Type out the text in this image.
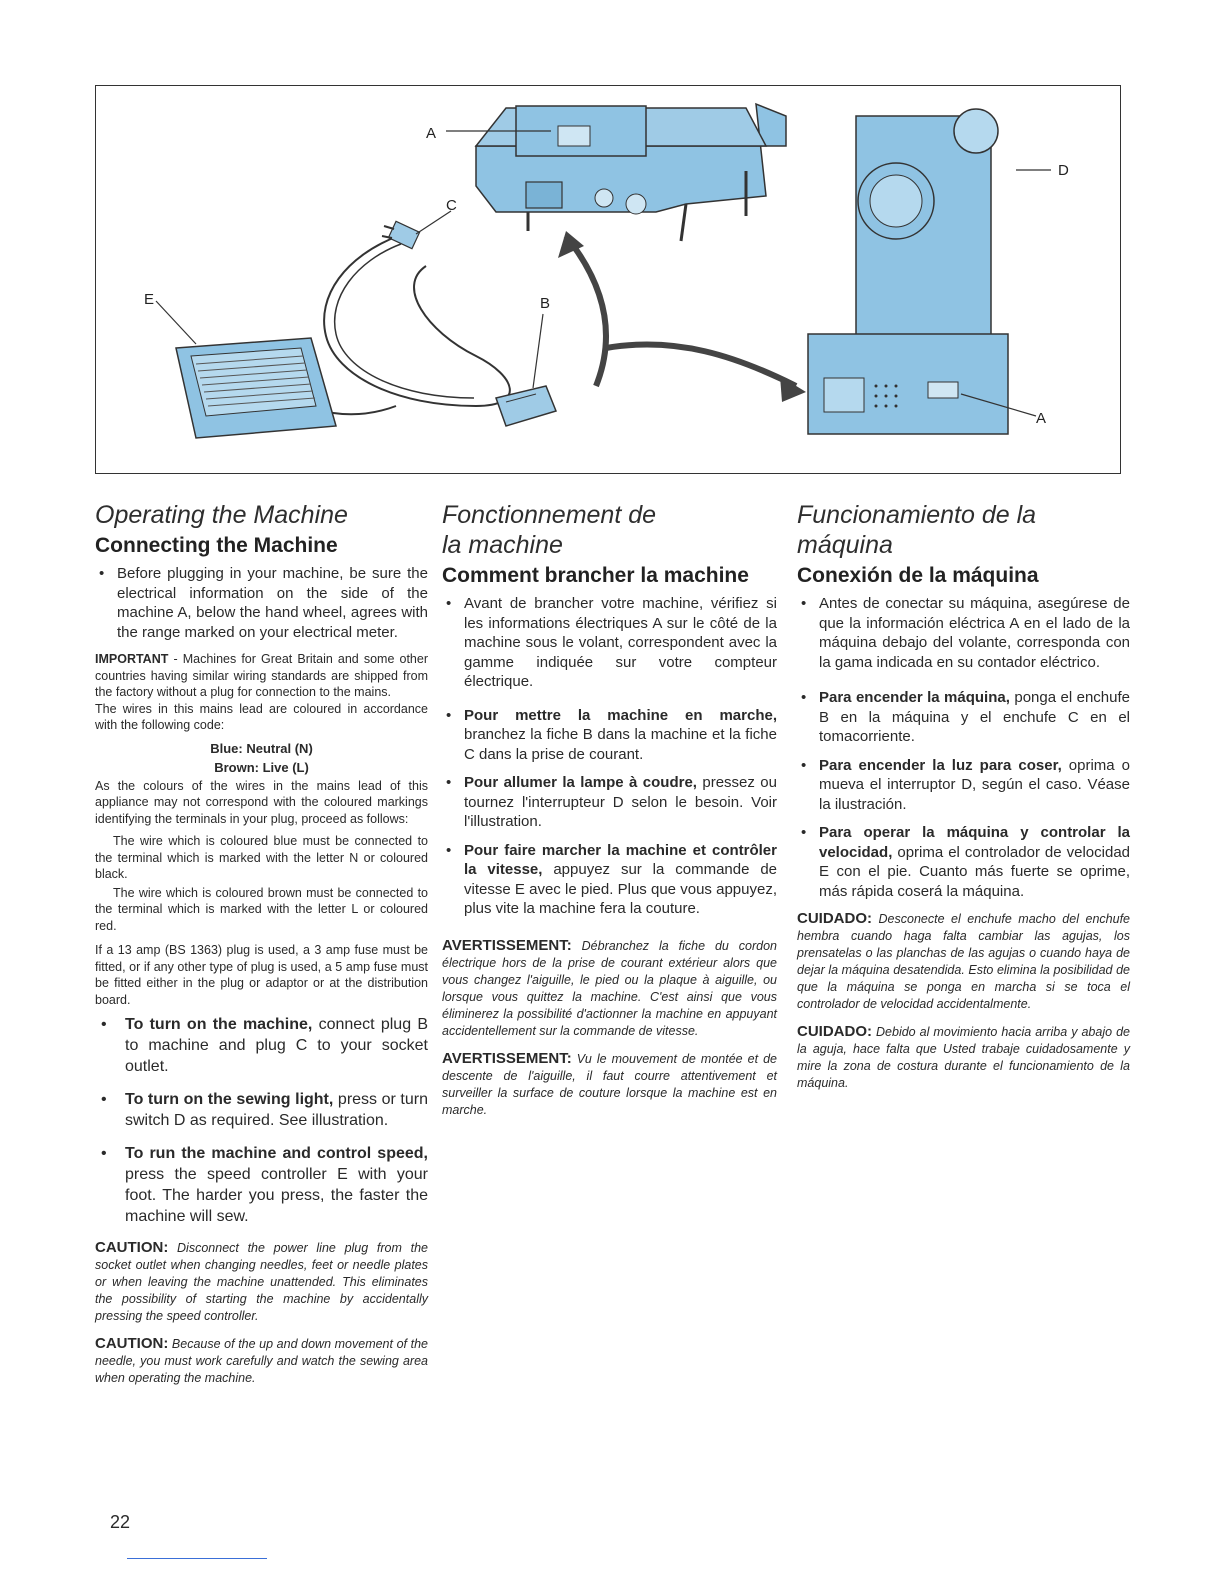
A
C
B
E
D
A
Operating the Machine
Connecting the Machine
• Before plugging in your machine, be sure the electrical information on the side of the machine A, below the hand wheel, agrees with the range marked on your electrical meter.

IMPORTANT - Machines for Great Britain and some other countries having similar wiring standards are shipped from the factory without a plug for connection to the mains.
The wires in this mains lead are coloured in accordance with the following code:

Blue: Neutral (N)

Brown: Live (L)

As the colours of the wires in the mains lead of this appliance may not correspond with the coloured markings identifying the terminals in your plug, proceed as follows:

The wire which is coloured blue must be connected to the terminal which is marked with the letter N or coloured black.

The wire which is coloured brown must be connected to the terminal which is marked with the letter L or coloured red.

If a 13 amp (BS 1363) plug is used, a 3 amp fuse must be fitted, or if any other type of plug is used, a 5 amp fuse must be fitted either in the plug or adaptor or at the distribution board.

• To turn on the machine, connect plug B to machine and plug C to your socket outlet.
• To turn on the sewing light, press or turn switch D as required. See illustration.
• To run the machine and control speed, press the speed controller E with your foot. The harder you press, the faster the machine will sew.

CAUTION: Disconnect the power line plug from the socket outlet when changing needles, feet or needle plates or when leaving the machine unattended. This eliminates the possibility of starting the machine by accidentally pressing the speed controller.

CAUTION: Because of the up and down movement of the needle, you must work carefully and watch the sewing area when operating the machine.

Fonctionnement de
la machine
Comment brancher la machine
• Avant de brancher votre machine, vérifiez si les informations électriques A sur le côté de la machine sous le volant, correspondent avec la gamme indiquée sur votre compteur électrique.
• Pour mettre la machine en marche, branchez la fiche B dans la machine et la fiche C dans la prise de courant.
• Pour allumer la lampe à coudre, pressez ou tournez l'interrupteur D selon le besoin. Voir l'illustration.
• Pour faire marcher la machine et contrôler la vitesse, appuyez sur la commande de vitesse E avec le pied. Plus que vous appuyez, plus vite la machine fera la couture.

AVERTISSEMENT: Débranchez la fiche du cordon électrique hors de la prise de courant extérieur alors que vous changez l'aiguille, le pied ou la plaque à aiguille, ou lorsque vous quittez la machine. C'est ainsi que vous éliminerez la possibilité d'actionner la machine en appuyant accidentellement sur la commande de vitesse.

AVERTISSEMENT: Vu le mouvement de montée et de descente de l'aiguille, il faut courre attentivement et surveiller la surface de couture lorsque la machine est en marche.

Funcionamiento de la
máquina
Conexión de la máquina
• Antes de conectar su máquina, asegúrese de que la información eléctrica A en el lado de la máquina debajo del volante, corresponda con la gama indicada en su contador eléctrico.
• Para encender la máquina, ponga el enchufe B en la máquina y el enchufe C en el tomacorriente.
• Para encender la luz para coser, oprima o mueva el interruptor D, según el caso. Véase la ilustración.
• Para operar la máquina y controlar la velocidad, oprima el controlador de velocidad E con el pie. Cuanto más fuerte se oprime, más rápida coserá la máquina.

CUIDADO: Desconecte el enchufe macho del enchufe hembra cuando haga falta cambiar las agujas, los prensatelas o las planchas de las agujas o cuando haya de dejar la máquina desatendida. Esto elimina la posibilidad de que la máquina se ponga en marcha si se toca el controlador de velocidad accidentalmente.

CUIDADO: Debido al movimiento hacia arriba y abajo de la aguja, hace falta que Usted trabaje cuidadosamente y mire la zona de costura durante el funcionamiento de la máquina.

22
